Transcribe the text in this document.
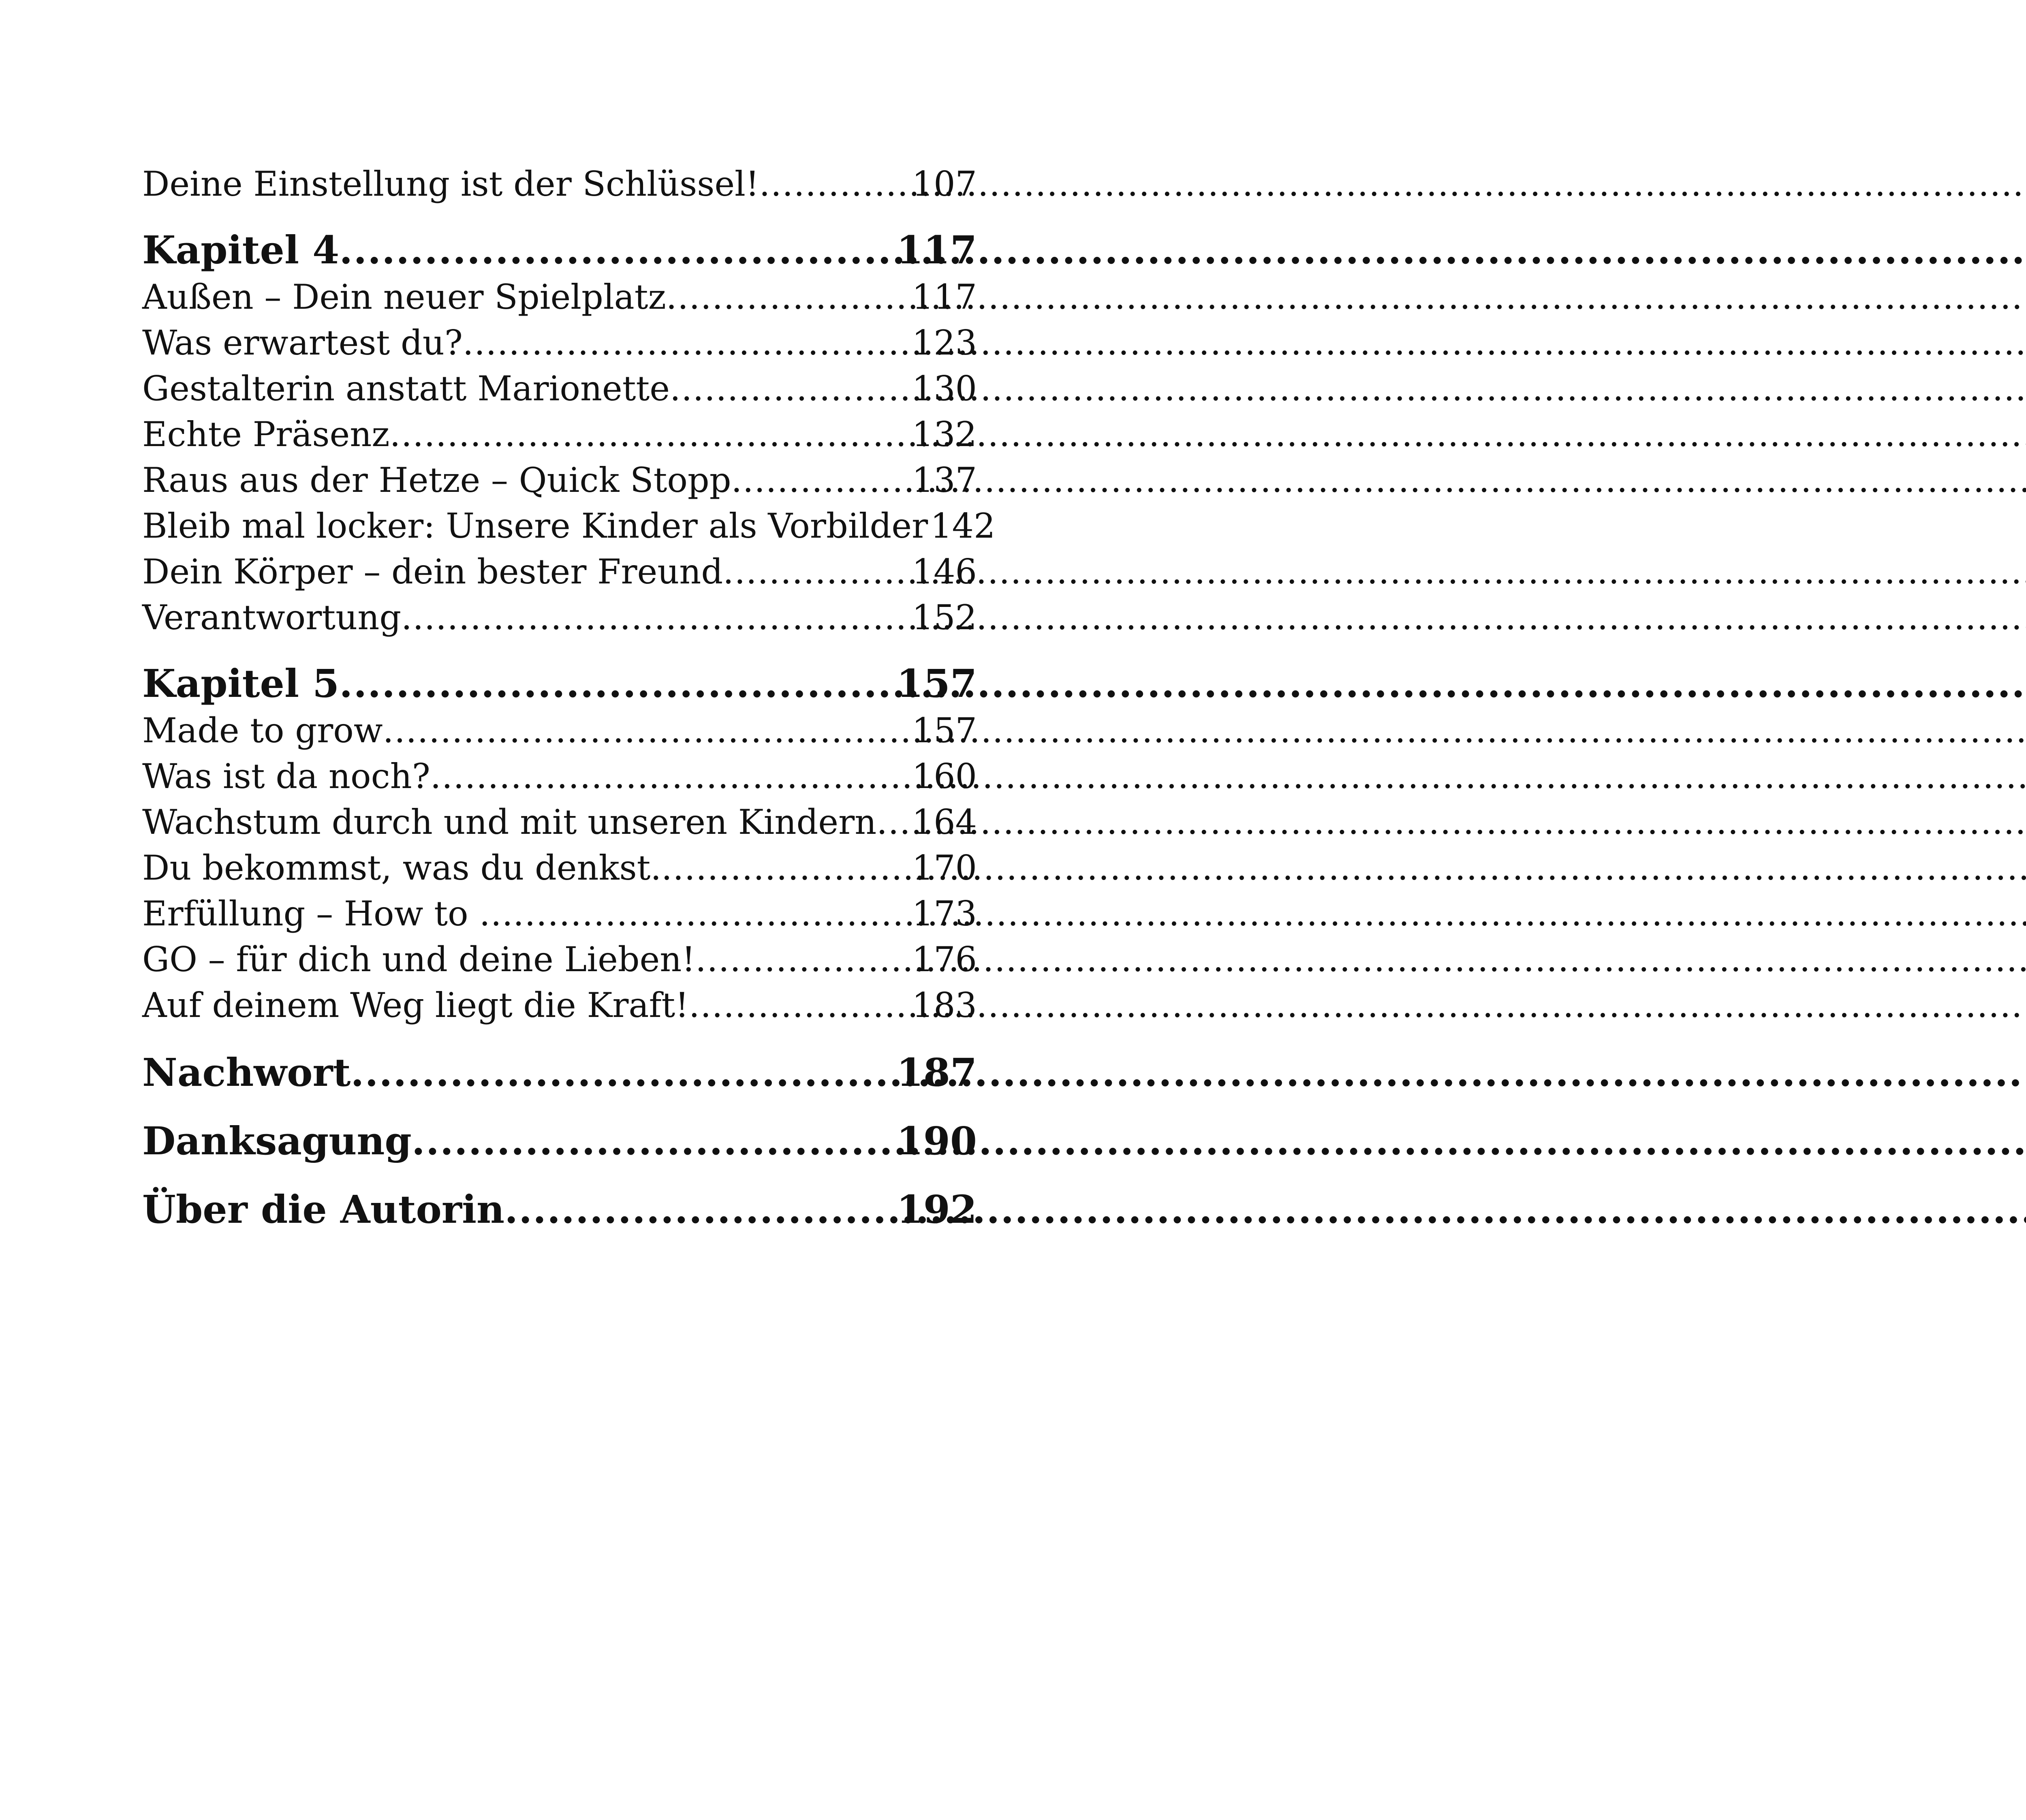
Deine Einstellung ist der Schlüssel! .....	107
Kapitel 4 .....	117
Außen – Dein neuer Spielplatz .....	117
Was erwartest du? .....	123
Gestalterin anstatt Marionette .....	130
Echte Präsenz .....	132
Raus aus der Hetze – Quick Stopp .....	137
Bleib mal locker: Unsere Kinder als Vorbilder 142
Dein Körper – dein bester Freund .....	146
Verantwortung .....	152
Kapitel 5 .....	157
Made to grow .....	157
Was ist da noch? .....	160
Wachstum durch und mit unseren Kindern ..... 164
Du bekommst, was du denkst. .....	170
Erfüllung – How to … .....	173
GO – für dich und deine Lieben! .....	176
Auf deinem Weg liegt die Kraft! .....	183
Nachwort .....	187
Danksagung .....	190
Über die Autorin .....	192
